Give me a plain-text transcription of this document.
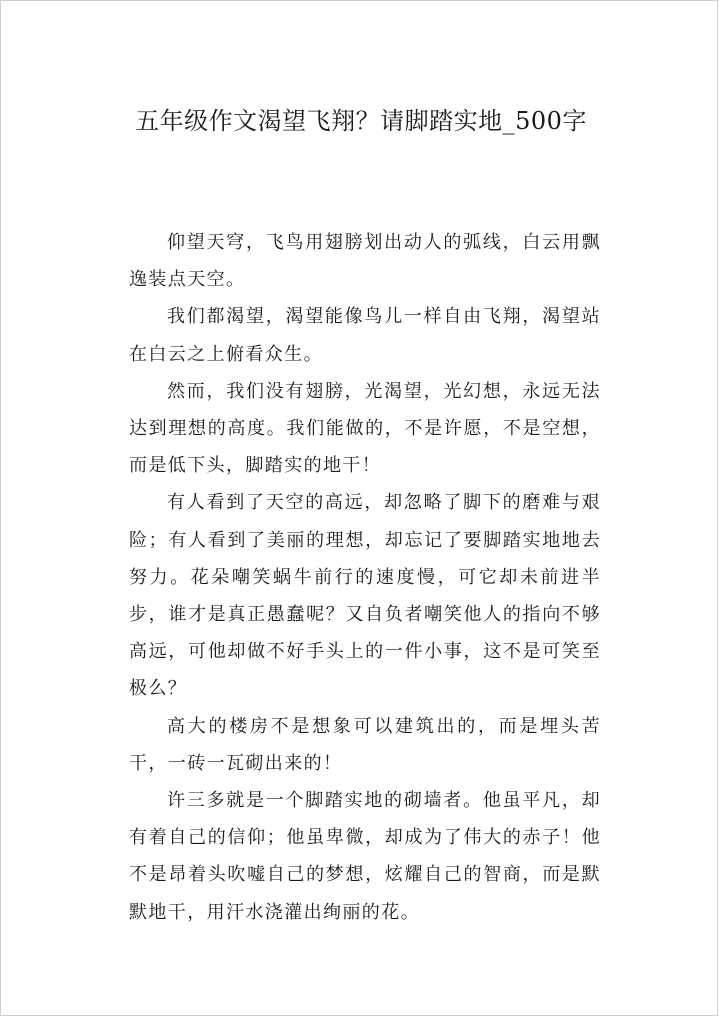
五年级作文渴望飞翔？请脚踏实地_500字

仰望天穹，飞鸟用翅膀划出动人的弧线，白云用飘逸装点天空。

我们都渴望，渴望能像鸟儿一样自由飞翔，渴望站在白云之上俯看众生。

然而，我们没有翅膀，光渴望，光幻想，永远无法达到理想的高度。我们能做的，不是许愿，不是空想，而是低下头，脚踏实的地干！

有人看到了天空的高远，却忽略了脚下的磨难与艰险；有人看到了美丽的理想，却忘记了要脚踏实地地去努力。花朵嘲笑蜗牛前行的速度慢，可它却未前进半步，谁才是真正愚蠢呢？又自负者嘲笑他人的指向不够高远，可他却做不好手头上的一件小事，这不是可笑至极么？

高大的楼房不是想象可以建筑出的，而是埋头苦干，一砖一瓦砌出来的！

许三多就是一个脚踏实地的砌墙者。他虽平凡，却有着自己的信仰；他虽卑微，却成为了伟大的赤子！他不是昂着头吹嘘自己的梦想，炫耀自己的智商，而是默默地干，用汗水浇灌出绚丽的花。
